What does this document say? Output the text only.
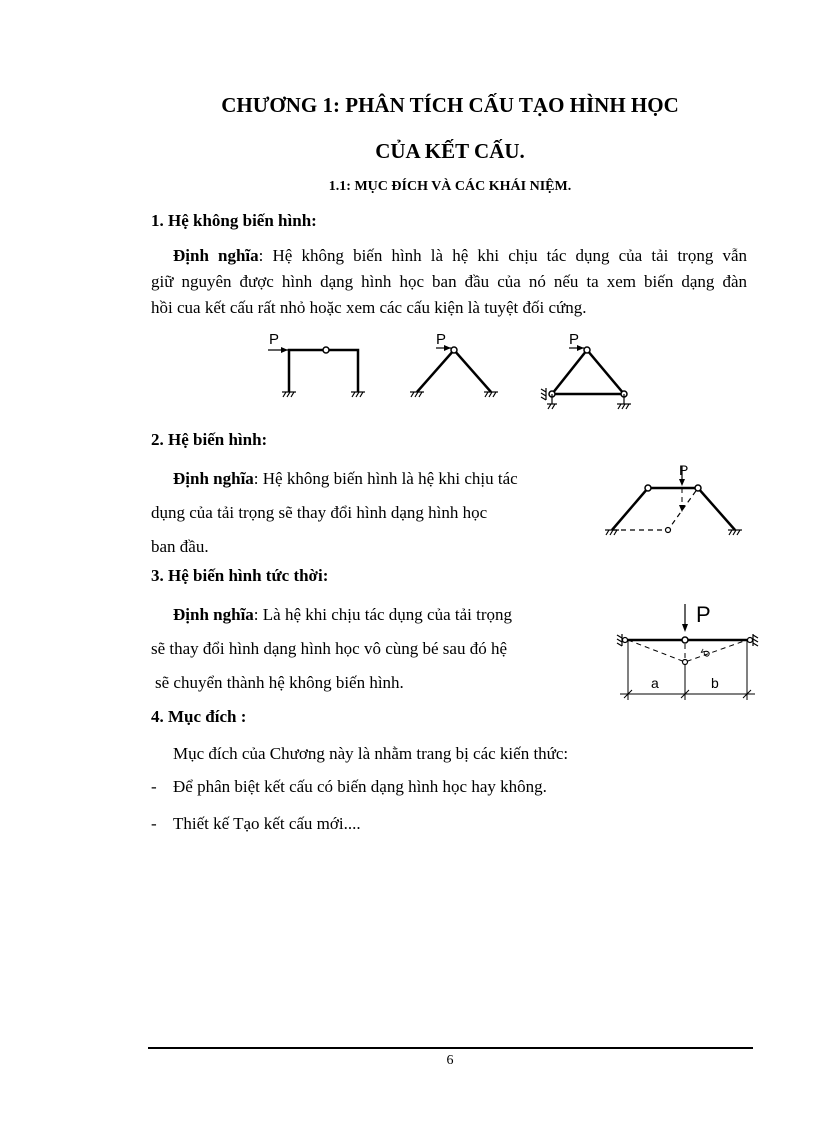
CHƯƠNG 1: PHÂN TÍCH CẤU TẠO HÌNH HỌC
CỦA KẾT CẤU.
1.1: MỤC ĐÍCH VÀ CÁC KHÁI NIỆM.
1. Hệ không biến hình:
Định nghĩa: Hệ không biến hình là hệ khi chịu tác dụng của tải trọng vẫn
giữ nguyên được hình dạng hình học ban đầu của nó nếu ta xem biến dạng đàn
hồi cua kết cấu rất nhỏ hoặc xem các cấu kiện là tuyệt đối cứng.
P	P	P
2. Hệ biến hình:
Định nghĩa: Hệ không biến hình là hệ khi chịu tác
dụng của tải trọng sẽ thay đổi hình dạng hình học
ban đầu.
P
3. Hệ biến hình tức thời:
Định nghĩa: Là hệ khi chịu tác dụng của tải trọng
sẽ thay đổi hình dạng hình học vô cùng bé sau đó hệ
sẽ chuyển thành hệ không biến hình.
P
δ
a	b
4. Mục đích :
Mục đích của Chương này là nhằm trang bị các kiến thức:
- Để phân biệt kết cấu có biến dạng hình học hay không.
- Thiết kế Tạo kết cấu mới....
6
